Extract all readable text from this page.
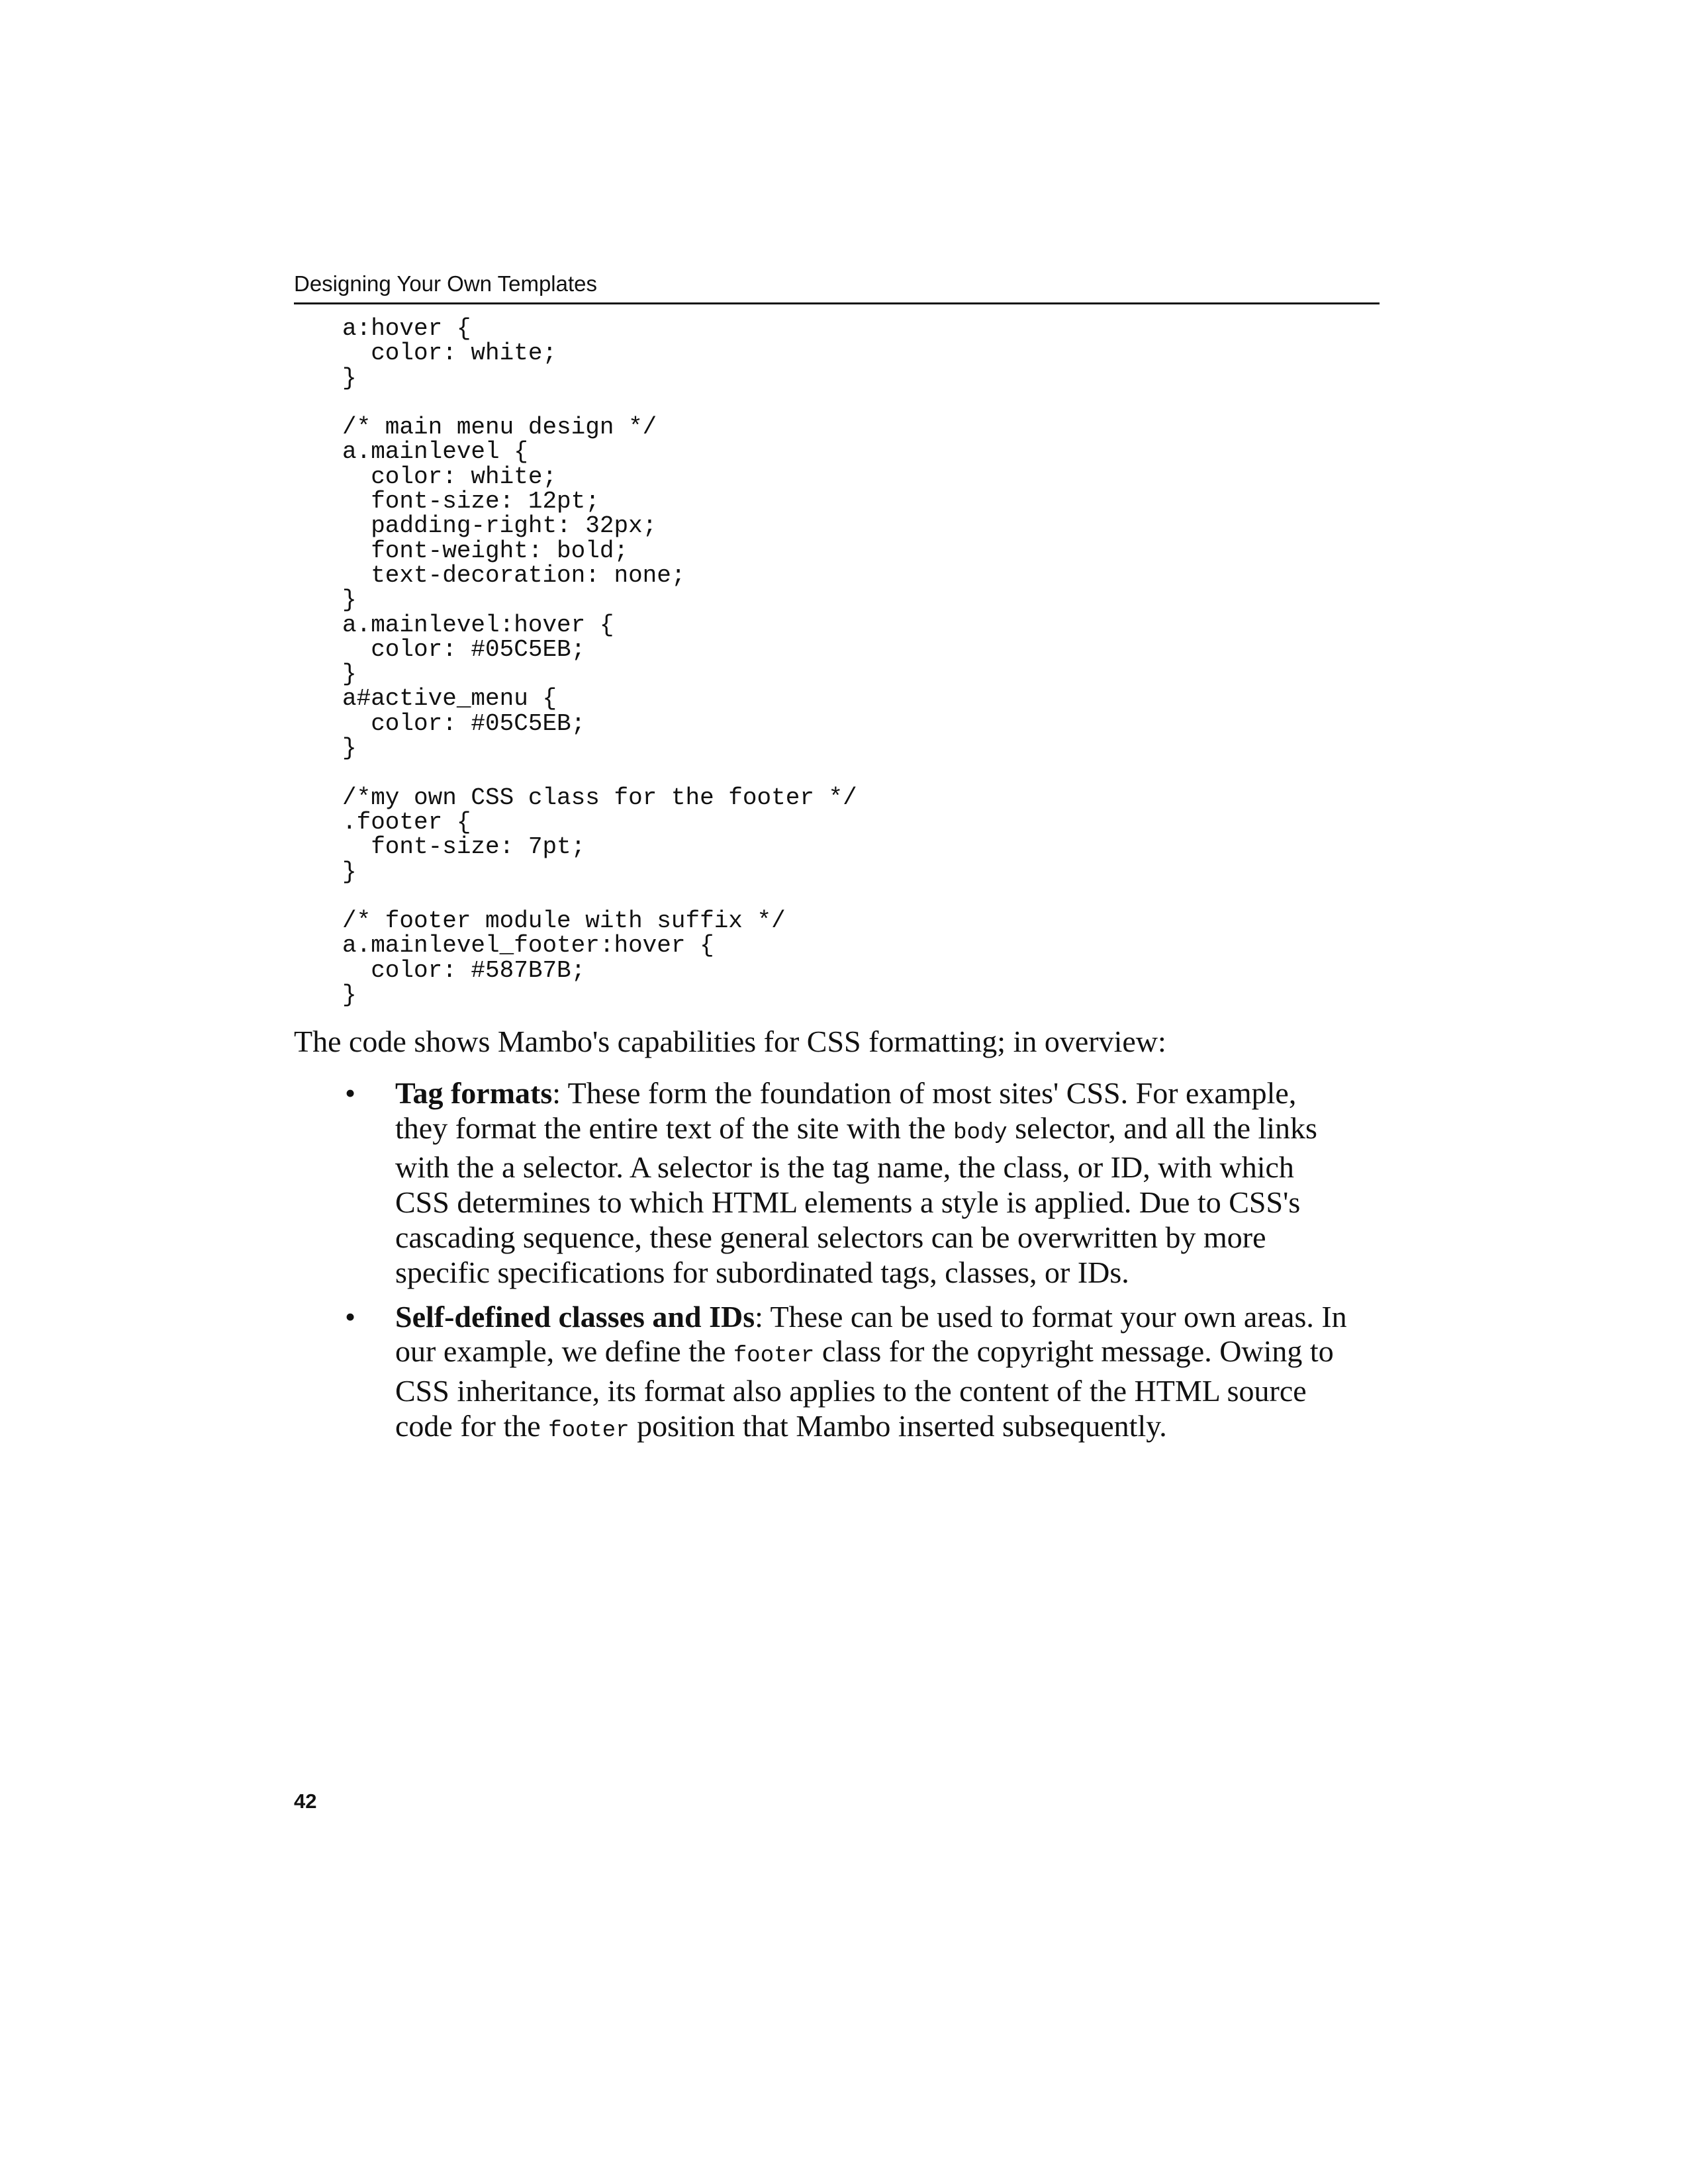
Designing Your Own Templates
a:hover {
color: white;
}

/* main menu design */
a.mainlevel {
color: white;
font-size: 12pt;
padding-right: 32px;
font-weight: bold;
text-decoration: none;
}
a.mainlevel:hover {
color: #05C5EB;
}
a#active_menu {
color: #05C5EB;
}

/*my own CSS class for the footer */
.footer {
font-size: 7pt;
}

/* footer module with suffix */
a.mainlevel_footer:hover {
color: #587B7B;
}

The code shows Mambo's capabilities for CSS formatting; in overview:

• Tag formats: These form the foundation of most sites' CSS. For example,
they format the entire text of the site with the body selector, and all the links
with the a selector. A selector is the tag name, the class, or ID, with which
CSS determines to which HTML elements a style is applied. Due to CSS's
cascading sequence, these general selectors can be overwritten by more
specific specifications for subordinated tags, classes, or IDs.
• Self-defined classes and IDs: These can be used to format your own areas. In
our example, we define the footer class for the copyright message. Owing to
CSS inheritance, its format also applies to the content of the HTML source
code for the footer position that Mambo inserted subsequently.
42
